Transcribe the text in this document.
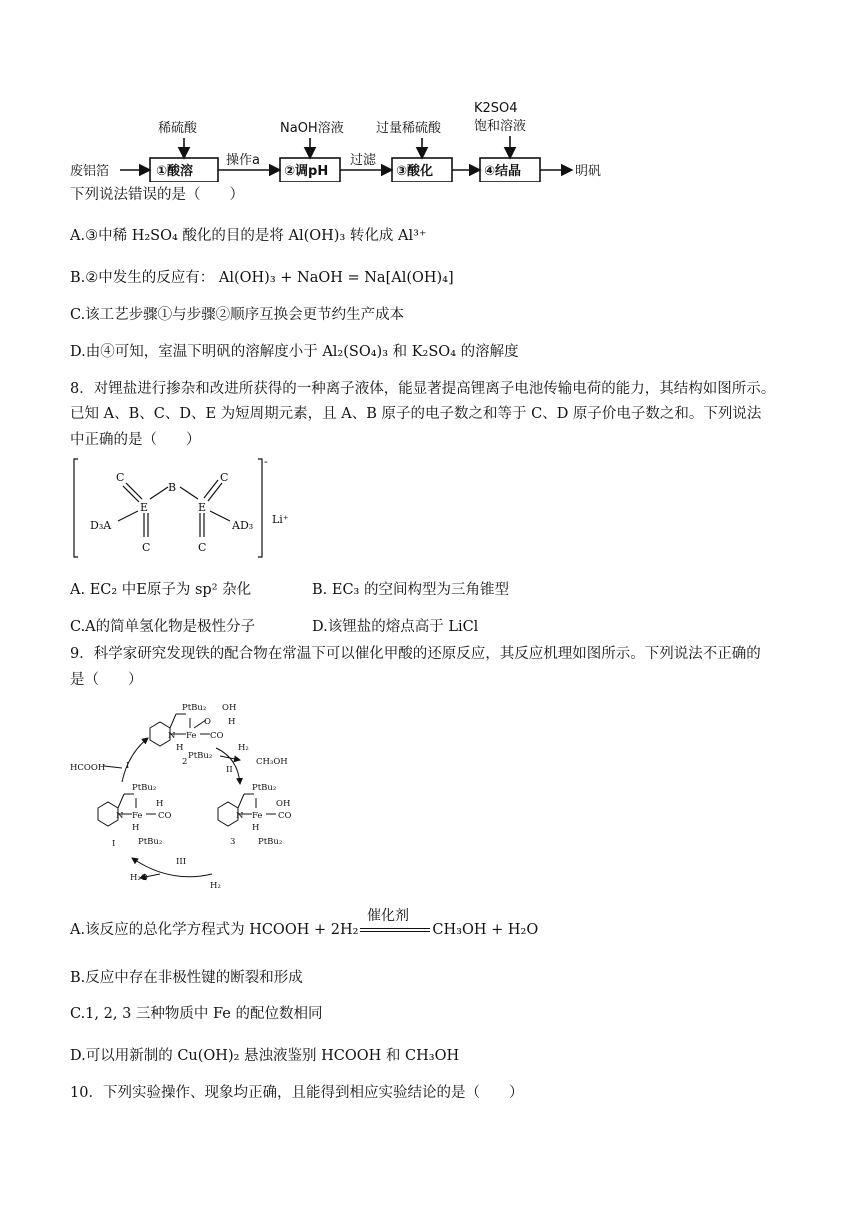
废铝箔
稀硫酸	NaOH溶液 过量稀硫酸
K2SO4
饱和溶液
操作a	过滤
明矾
①酸溶	②调pH	③酸化	④结晶
下列说法错误的是（　　）
A.③中稀 H₂SO₄ 酸化的目的是将 Al(OH)₃ 转化成 Al³⁺
B.②中发生的反应有： Al(OH)₃ + NaOH = Na[Al(OH)₄]
C.该工艺步骤①与步骤②顺序互换会更节约生产成本
D.由④可知，室温下明矾的溶解度小于 Al₂(SO₄)₃ 和 K₂SO₄ 的溶解度
8．对锂盐进行掺杂和改进所获得的一种离子液体，能显著提高锂离子电池传输电荷的能力，其结构如图所示。
已知 A、B、C、D、E 为短周期元素，且 A、B 原子的电子数之和等于 C、D 原子价电子数之和。下列说法
中正确的是（　　）
C
B
C
E	E
D₃A	AD₃
C	C
Li⁺
-
A. EC₂ 中E原子为 sp² 杂化	B. EC₃ 的空间构型为三角锥型
C.A的简单氢化物是极性分子	D.该锂盐的熔点高于 LiCl
9．科学家研究发现铁的配合物在常温下可以催化甲酸的还原反应，其反应机理如图所示。下列说法不正确的
是（　　）
PtBu₂ OH
O H
N Fe CO
H
PtBu₂
2
H₂
CH₃OH
II
HCOOH I
PtBu₂
H
N Fe CO
H
PtBu₂
I
PtBu₂
OH
N Fe CO
H
3	PtBu₂
III
H₂O
H₂
A.该反应的总化学方程式为 HCOOH + 2H₂	CH₃OH + H₂O
催化剂
B.反应中存在非极性键的断裂和形成
C.1, 2, 3 三种物质中 Fe 的配位数相同
D.可以用新制的 Cu(OH)₂ 悬浊液鉴别 HCOOH 和 CH₃OH
10．下列实验操作、现象均正确，且能得到相应实验结论的是（　　）
